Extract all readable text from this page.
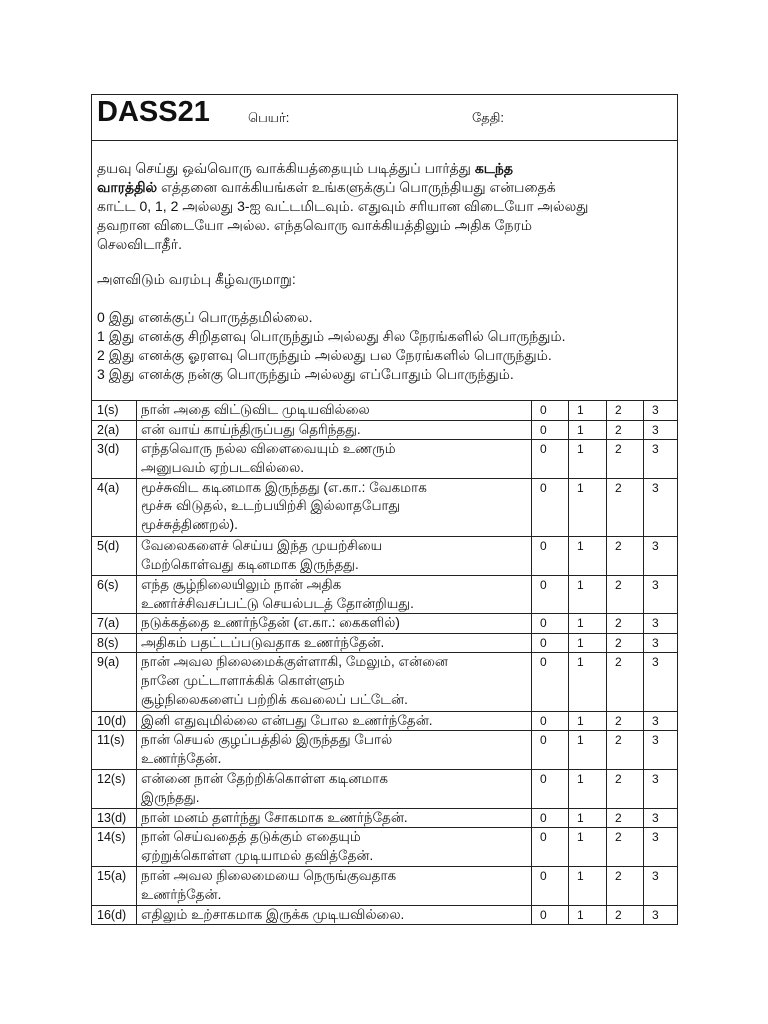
DASS21	பெயர்:	தேதி:
தயவு செய்து ஒவ்வொரு வாக்கியத்தையும் படித்துப் பார்த்து கடந்த
வாரத்தில் எத்தனை வாக்கியங்கள் உங்களுக்குப் பொருந்தியது என்பதைக்
காட்ட 0, 1, 2 அல்லது 3-ஐ வட்டமிடவும். எதுவும் சரியான விடையோ அல்லது
தவறான விடையோ அல்ல. எந்தவொரு வாக்கியத்திலும் அதிக நேரம்
செலவிடாதீர்.
அளவிடும் வரம்பு கீழ்வருமாறு:
0 இது எனக்குப் பொருத்தமில்லை.
1 இது எனக்கு சிறிதளவு பொருந்தும் அல்லது சில நேரங்களில் பொருந்தும்.
2 இது எனக்கு ஓரளவு பொருந்தும் அல்லது பல நேரங்களில் பொருந்தும்.
3 இது எனக்கு நன்கு பொருந்தும் அல்லது எப்போதும் பொருந்தும்.
1(s)	நான் அதை விட்டுவிட முடியவில்லை	0	1	2	3
2(a)	என் வாய் காய்ந்திருப்பது தெரிந்தது.	0	1	2	3
3(d)	எந்தவொரு நல்ல விளைவையும் உணரும்
அனுபவம் ஏற்படவில்லை.
0	1	2	3
4(a)	மூச்சுவிட கடினமாக இருந்தது (எ.கா.: வேகமாக
மூச்சு விடுதல், உடற்பயிற்சி இல்லாதபோது
மூச்சுத்திணறல்).
0	1	2	3
5(d)	வேலைகளைச் செய்ய இந்த முயற்சியை
மேற்கொள்வது கடினமாக இருந்தது.
0	1	2	3
6(s)	எந்த சூழ்நிலையிலும் நான் அதிக
உணர்ச்சிவசப்பட்டு செயல்படத் தோன்றியது.
0	1	2	3
7(a)	நடுக்கத்தை உணர்ந்தேன் (எ.கா.: கைகளில்)	0	1	2	3
8(s)	அதிகம் பதட்டப்படுவதாக உணர்ந்தேன்.	0	1	2	3
9(a)	நான் அவல நிலைமைக்குள்ளாகி, மேலும், என்னை
நானே முட்டாளாக்கிக் கொள்ளும்
சூழ்நிலைகளைப் பற்றிக் கவலைப் பட்டேன்.
0	1	2	3
10(d)	இனி எதுவுமில்லை என்பது போல உணர்ந்தேன்.	0	1	2	3
11(s)	நான் செயல் குழப்பத்தில் இருந்தது போல்
உணர்ந்தேன்.
0	1	2	3
12(s)	என்னை நான் தேற்றிக்கொள்ள கடினமாக
இருந்தது.
0	1	2	3
13(d)	நான் மனம் தளர்ந்து சோகமாக உணர்ந்தேன்.	0	1	2	3
14(s)	நான் செய்வதைத் தடுக்கும் எதையும்
ஏற்றுக்கொள்ள முடியாமல் தவித்தேன்.
0	1	2	3
15(a)	நான் அவல நிலைமையை நெருங்குவதாக
உணர்ந்தேன்.
0	1	2	3
16(d)	எதிலும் உற்சாகமாக இருக்க முடியவில்லை.	0	1	2	3
